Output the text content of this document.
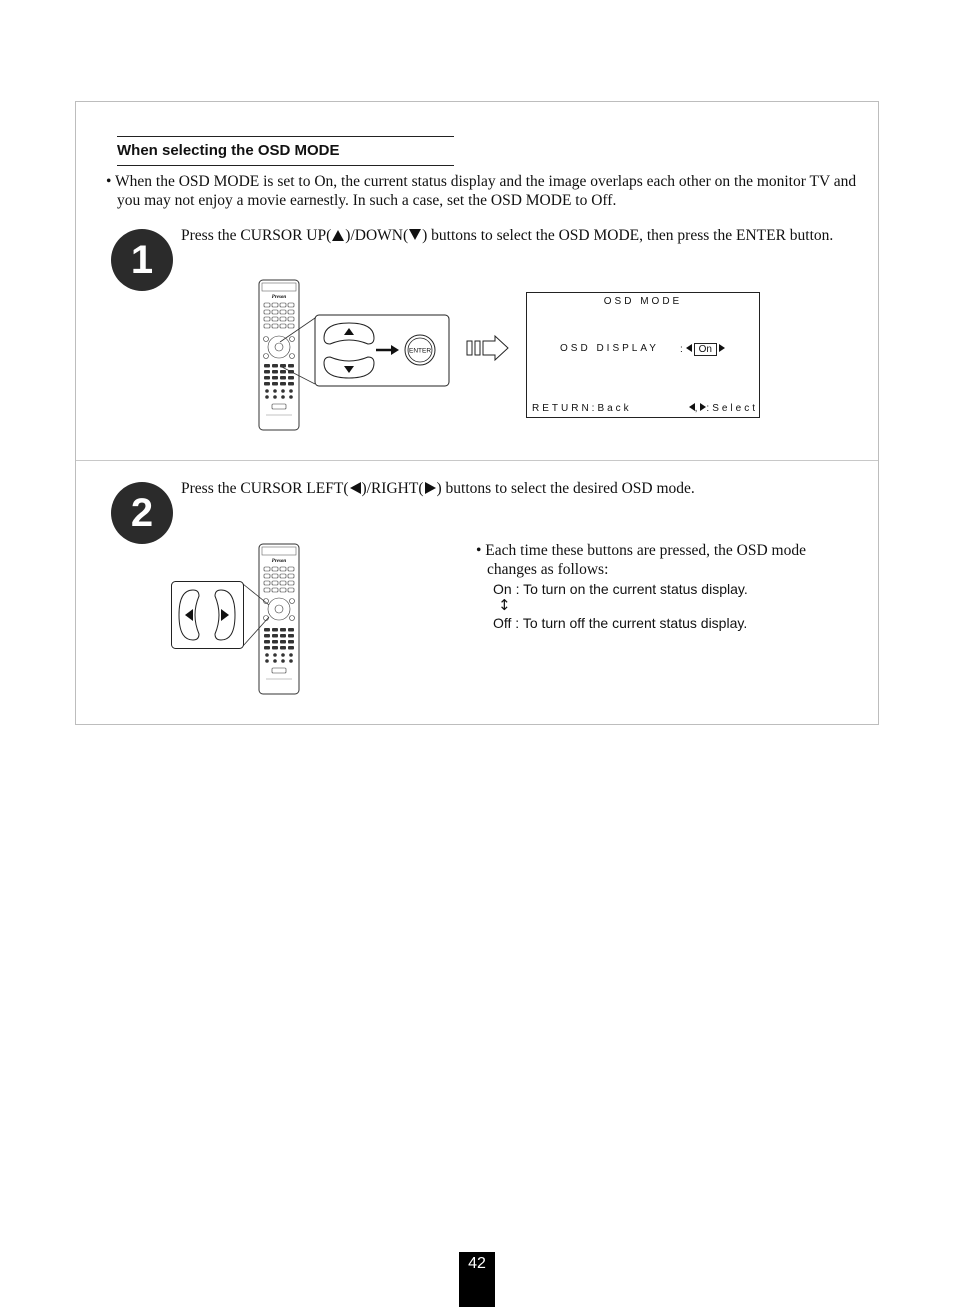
When selecting the OSD MODE
• When the OSD MODE is set to On, the current status display and the image overlaps each other on the monitor TV and you may not enjoy a movie earnestly. In such a case, set the OSD MODE to Off.
1
Press the CURSOR UP( )/DOWN( ) buttons to select the OSD MODE, then press the ENTER button.
Preson
ENTER
OSD MODE
OSD DISPLAY : On
RETURN:Back	, :Select
2
Press the CURSOR LEFT( )/RIGHT( ) buttons to select the desired OSD mode.
Preson
• Each time these buttons are pressed, the OSD mode changes as follows:
On : To turn on the current status display.
↕
Off : To turn off the current status display.
42
